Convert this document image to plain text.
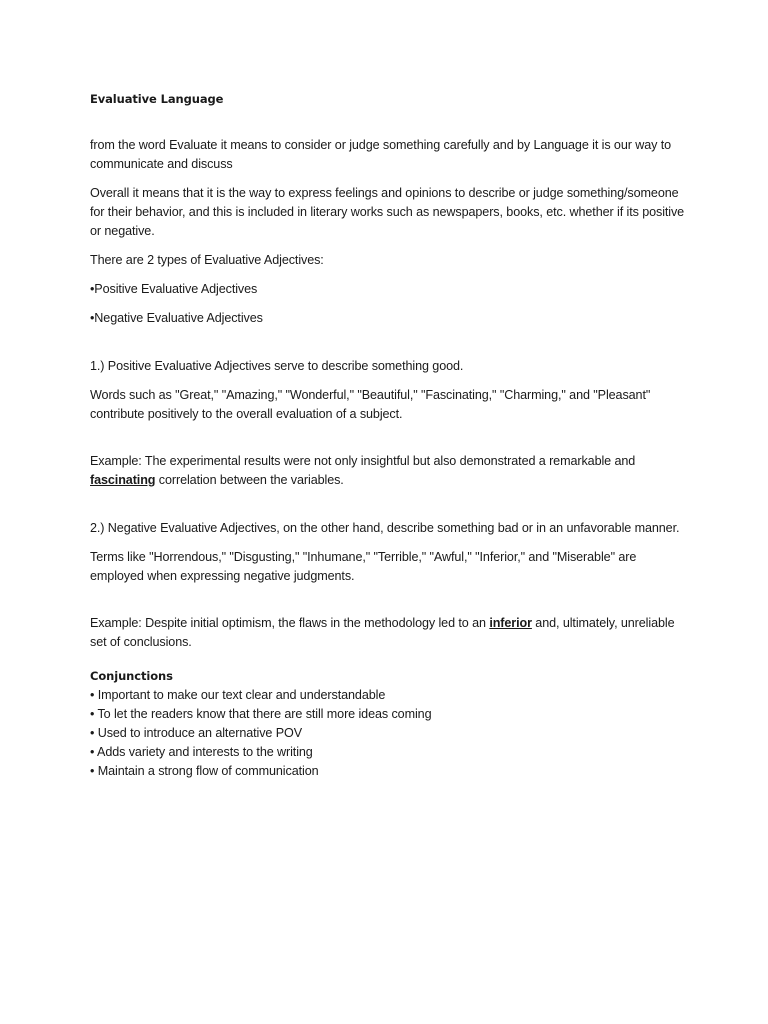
Evaluative Language

from the word Evaluate it means to consider or judge something carefully and by Language it is our way to communicate and discuss

Overall it means that it is the way to express feelings and opinions to describe or judge something/someone for their behavior, and this is included in literary works such as newspapers, books, etc. whether if its positive or negative.

There are 2 types of Evaluative Adjectives:

•Positive Evaluative Adjectives

•Negative Evaluative Adjectives

1.) Positive Evaluative Adjectives serve to describe something good.

Words such as "Great," "Amazing," "Wonderful," "Beautiful," "Fascinating," "Charming," and "Pleasant" contribute positively to the overall evaluation of a subject.

Example: The experimental results were not only insightful but also demonstrated a remarkable and fascinating correlation between the variables.

2.) Negative Evaluative Adjectives, on the other hand, describe something bad or in an unfavorable manner.

Terms like "Horrendous," "Disgusting," "Inhumane," "Terrible," "Awful," "Inferior," and "Miserable" are employed when expressing negative judgments.

Example: Despite initial optimism, the flaws in the methodology led to an inferior and, ultimately, unreliable set of conclusions.

Conjunctions

• Important to make our text clear and understandable

• To let the readers know that there are still more ideas coming

• Used to introduce an alternative POV

• Adds variety and interests to the writing

• Maintain a strong flow of communication
